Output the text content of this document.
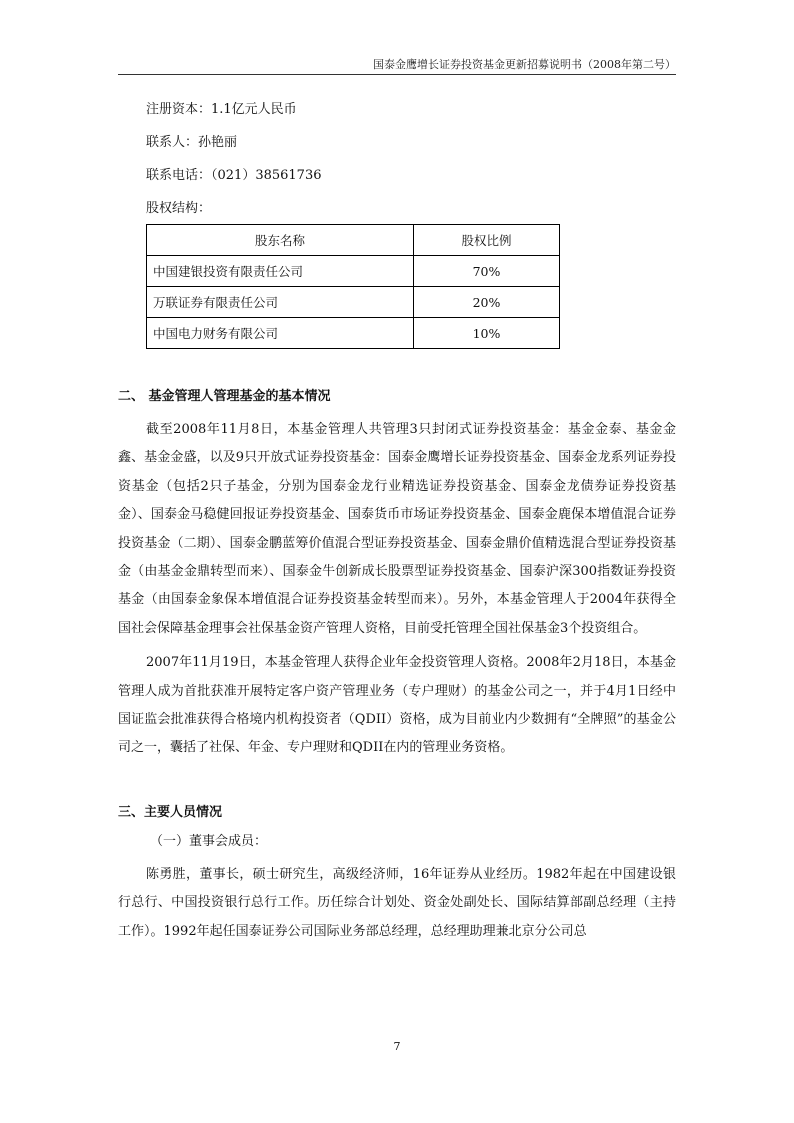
国泰金鹰增长证券投资基金更新招募说明书（2008年第二号）

注册资本：1.1亿元人民币

联系人：孙艳丽

联系电话：（021）38561736

股权结构：

股东名称	股权比例
中国建银投资有限责任公司	70%
万联证券有限责任公司	20%
中国电力财务有限公司	10%
二、 基金管理人管理基金的基本情况

截至2008年11月8日，本基金管理人共管理3只封闭式证券投资基金：基金金泰、基金金鑫、基金金盛，以及9只开放式证券投资基金：国泰金鹰增长证券投资基金、国泰金龙系列证券投资基金（包括2只子基金，分别为国泰金龙行业精选证券投资基金、国泰金龙债券证券投资基金）、国泰金马稳健回报证券投资基金、国泰货币市场证券投资基金、国泰金鹿保本增值混合证券投资基金（二期）、国泰金鹏蓝筹价值混合型证券投资基金、国泰金鼎价值精选混合型证券投资基金（由基金金鼎转型而来）、国泰金牛创新成长股票型证券投资基金、国泰沪深300指数证券投资基金（由国泰金象保本增值混合证券投资基金转型而来）。另外，本基金管理人于2004年获得全国社会保障基金理事会社保基金资产管理人资格，目前受托管理全国社保基金3个投资组合。

2007年11月19日，本基金管理人获得企业年金投资管理人资格。2008年2月18日，本基金管理人成为首批获准开展特定客户资产管理业务（专户理财）的基金公司之一，并于4月1日经中国证监会批准获得合格境内机构投资者（QDII）资格，成为目前业内少数拥有“全牌照”的基金公司之一，囊括了社保、年金、专户理财和QDII在内的管理业务资格。

三、主要人员情况
（一）董事会成员：

陈勇胜，董事长，硕士研究生，高级经济师，16年证券从业经历。1982年起在中国建设银行总行、中国投资银行总行工作。历任综合计划处、资金处副处长、国际结算部副总经理（主持工作）。1992年起任国泰证券公司国际业务部总经理，总经理助理兼北京分公司总

7
